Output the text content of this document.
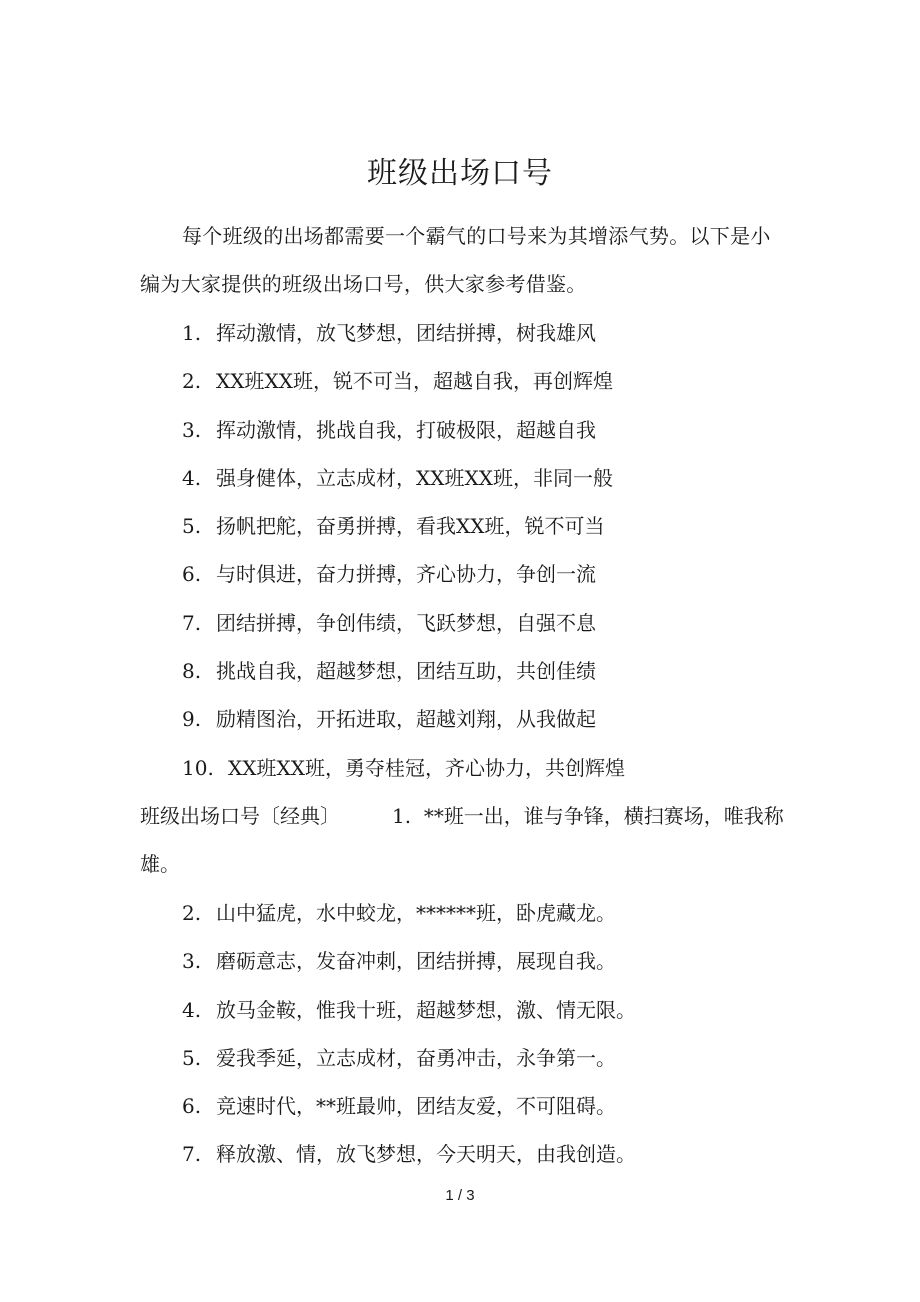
班级出场口号

每个班级的出场都需要一个霸气的口号来为其增添气势。以下是小编为大家提供的班级出场口号，供大家参考借鉴。

1. 挥动激情，放飞梦想，团结拼搏，树我雄风
2. XX班XX班，锐不可当，超越自我，再创辉煌
3. 挥动激情，挑战自我，打破极限，超越自我
4. 强身健体，立志成材，XX班XX班，非同一般
5. 扬帆把舵，奋勇拼搏，看我XX班，锐不可当
6. 与时俱进，奋力拼搏，齐心协力，争创一流
7. 团结拼搏，争创伟绩，飞跃梦想，自强不息
8. 挑战自我，超越梦想，团结互助，共创佳绩
9. 励精图治，开拓进取，超越刘翔，从我做起
10. XX班XX班，勇夺桂冠，齐心协力，共创辉煌

班级出场口号〔经典〕	1. **班一出，谁与争锋，横扫赛场，唯我称雄。

2. 山中猛虎，水中蛟龙，******班，卧虎藏龙。
3. 磨砺意志，发奋冲刺，团结拼搏，展现自我。
4. 放马金鞍，惟我十班，超越梦想，激、情无限。
5. 爱我季延，立志成材，奋勇冲击，永争第一。
6. 竞速时代，**班最帅，团结友爱，不可阻碍。
7. 释放激、情，放飞梦想，今天明天，由我创造。
1 / 3
